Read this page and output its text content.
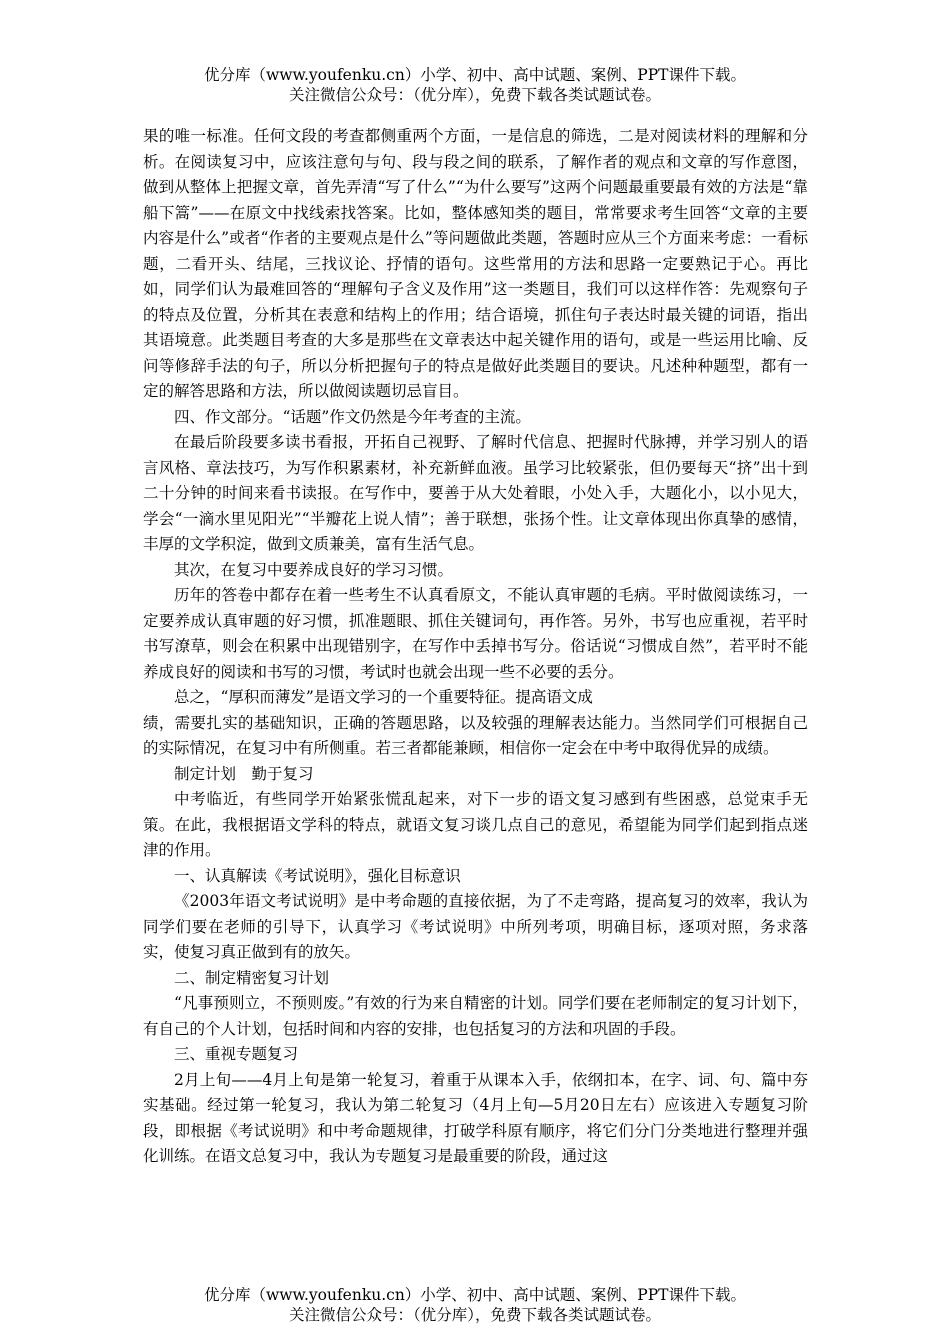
优分库（www.youfenku.cn）小学、初中、高中试题、案例、PPT课件下载。
关注微信公众号：（优分库），免费下载各类试题试卷。

果的唯一标准。任何文段的考查都侧重两个方面，一是信息的筛选，二是对阅读材料的理解和分析。在阅读复习中，应该注意句与句、段与段之间的联系，了解作者的观点和文章的写作意图，做到从整体上把握文章，首先弄清“写了什么”“为什么要写”这两个问题最重要最有效的方法是“靠船下篙”——在原文中找线索找答案。比如，整体感知类的题目，常常要求考生回答“文章的主要内容是什么”或者“作者的主要观点是什么”等问题做此类题，答题时应从三个方面来考虑：一看标题，二看开头、结尾，三找议论、抒情的语句。这些常用的方法和思路一定要熟记于心。再比如，同学们认为最难回答的“理解句子含义及作用”这一类题目，我们可以这样作答：先观察句子的特点及位置，分析其在表意和结构上的作用；结合语境，抓住句子表达时最关键的词语，指出其语境意。此类题目考查的大多是那些在文章表达中起关键作用的语句，或是一些运用比喻、反问等修辞手法的句子，所以分析把握句子的特点是做好此类题目的要诀。凡述种种题型，都有一定的解答思路和方法，所以做阅读题切忌盲目。

四、作文部分。“话题”作文仍然是今年考查的主流。

在最后阶段要多读书看报，开拓自己视野、了解时代信息、把握时代脉搏，并学习别人的语言风格、章法技巧，为写作积累素材，补充新鲜血液。虽学习比较紧张，但仍要每天“挤”出十到二十分钟的时间来看书读报。在写作中，要善于从大处着眼，小处入手，大题化小，以小见大，学会“一滴水里见阳光”“半瓣花上说人情”；善于联想，张扬个性。让文章体现出你真挚的感情，丰厚的文学积淀，做到文质兼美，富有生活气息。

其次，在复习中要养成良好的学习习惯。

历年的答卷中都存在着一些考生不认真看原文，不能认真审题的毛病。平时做阅读练习，一定要养成认真审题的好习惯，抓准题眼、抓住关键词句，再作答。另外，书写也应重视，若平时书写潦草，则会在积累中出现错别字，在写作中丢掉书写分。俗话说“习惯成自然”，若平时不能养成良好的阅读和书写的习惯，考试时也就会出现一些不必要的丢分。

总之，“厚积而薄发”是语文学习的一个重要特征。提高语文成

绩，需要扎实的基础知识，正确的答题思路，以及较强的理解表达能力。当然同学们可根据自己的实际情况，在复习中有所侧重。若三者都能兼顾，相信你一定会在中考中取得优异的成绩。

制定计划　勤于复习

中考临近，有些同学开始紧张慌乱起来，对下一步的语文复习感到有些困惑，总觉束手无策。在此，我根据语文学科的特点，就语文复习谈几点自己的意见，希望能为同学们起到指点迷津的作用。

一、认真解读《考试说明》，强化目标意识

《2003年语文考试说明》是中考命题的直接依据，为了不走弯路，提高复习的效率，我认为同学们要在老师的引导下，认真学习《考试说明》中所列考项，明确目标，逐项对照，务求落实，使复习真正做到有的放矢。

二、制定精密复习计划

“凡事预则立，不预则废。”有效的行为来自精密的计划。同学们要在老师制定的复习计划下，有自己的个人计划，包括时间和内容的安排，也包括复习的方法和巩固的手段。

三、重视专题复习

2月上旬——4月上旬是第一轮复习，着重于从课本入手，依纲扣本，在字、词、句、篇中夯实基础。经过第一轮复习，我认为第二轮复习（4月上旬—5月20日左右）应该进入专题复习阶段，即根据《考试说明》和中考命题规律，打破学科原有顺序，将它们分门分类地进行整理并强化训练。在语文总复习中，我认为专题复习是最重要的阶段，通过这

优分库（www.youfenku.cn）小学、初中、高中试题、案例、PPT课件下载。
关注微信公众号：（优分库），免费下载各类试题试卷。
